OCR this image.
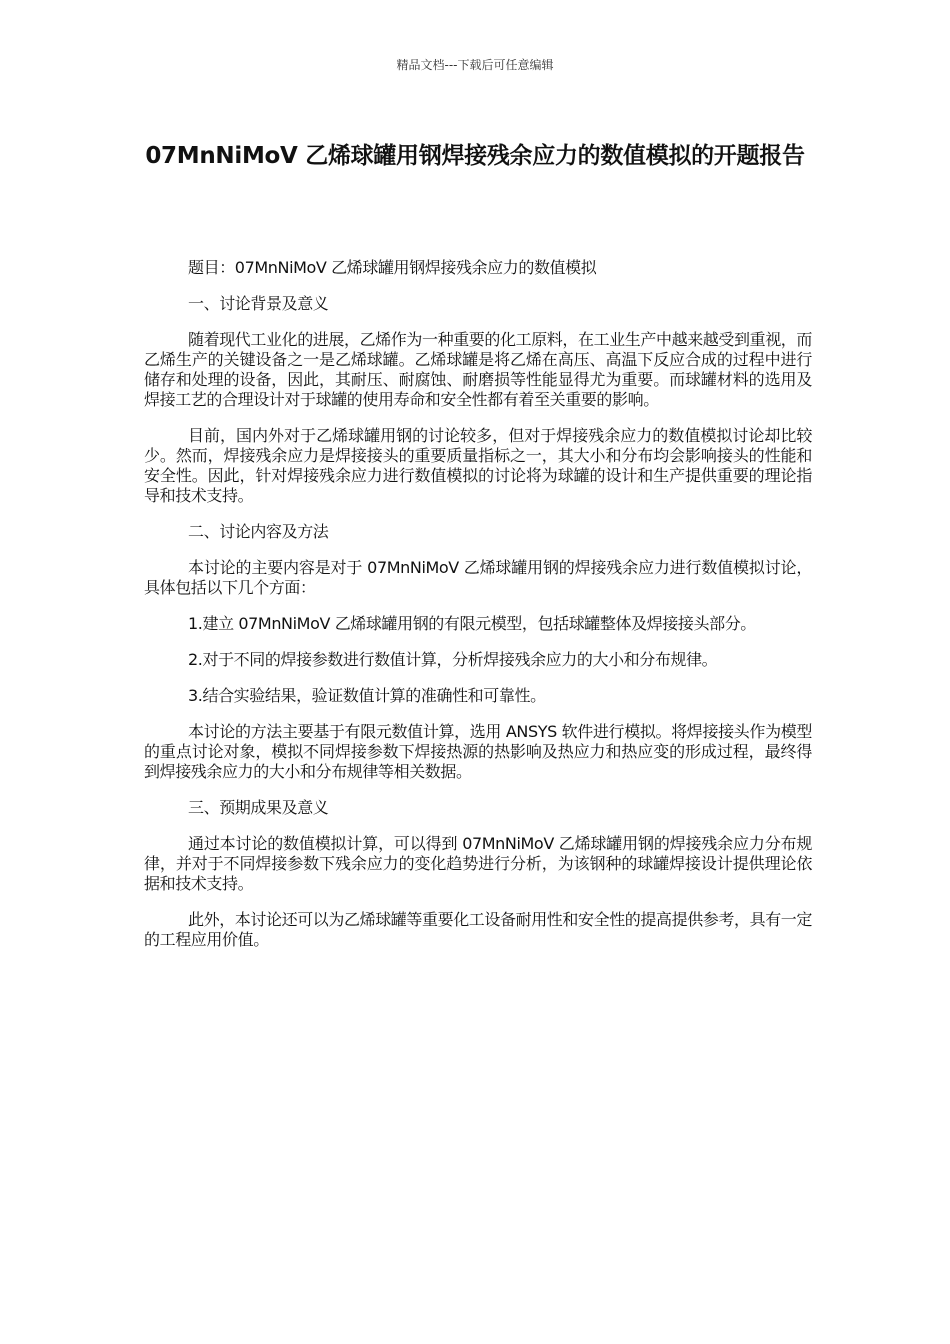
精品文档---下载后可任意编辑
07MnNiMoV 乙烯球罐用钢焊接残余应力的数值模拟的开题报告

题目：07MnNiMoV 乙烯球罐用钢焊接残余应力的数值模拟

一、讨论背景及意义

随着现代工业化的进展，乙烯作为一种重要的化工原料，在工业生产中越来越受到重视，而乙烯生产的关键设备之一是乙烯球罐。乙烯球罐是将乙烯在高压、高温下反应合成的过程中进行储存和处理的设备，因此，其耐压、耐腐蚀、耐磨损等性能显得尤为重要。而球罐材料的选用及焊接工艺的合理设计对于球罐的使用寿命和安全性都有着至关重要的影响。

目前，国内外对于乙烯球罐用钢的讨论较多，但对于焊接残余应力的数值模拟讨论却比较少。然而，焊接残余应力是焊接接头的重要质量指标之一，其大小和分布均会影响接头的性能和安全性。因此，针对焊接残余应力进行数值模拟的讨论将为球罐的设计和生产提供重要的理论指导和技术支持。

二、讨论内容及方法

本讨论的主要内容是对于 07MnNiMoV 乙烯球罐用钢的焊接残余应力进行数值模拟讨论，具体包括以下几个方面：

1.建立 07MnNiMoV 乙烯球罐用钢的有限元模型，包括球罐整体及焊接接头部分。

2.对于不同的焊接参数进行数值计算，分析焊接残余应力的大小和分布规律。

3.结合实验结果，验证数值计算的准确性和可靠性。

本讨论的方法主要基于有限元数值计算，选用 ANSYS 软件进行模拟。将焊接接头作为模型的重点讨论对象，模拟不同焊接参数下焊接热源的热影响及热应力和热应变的形成过程，最终得到焊接残余应力的大小和分布规律等相关数据。

三、预期成果及意义

通过本讨论的数值模拟计算，可以得到 07MnNiMoV 乙烯球罐用钢的焊接残余应力分布规律，并对于不同焊接参数下残余应力的变化趋势进行分析，为该钢种的球罐焊接设计提供理论依据和技术支持。

此外，本讨论还可以为乙烯球罐等重要化工设备耐用性和安全性的提高提供参考，具有一定的工程应用价值。
